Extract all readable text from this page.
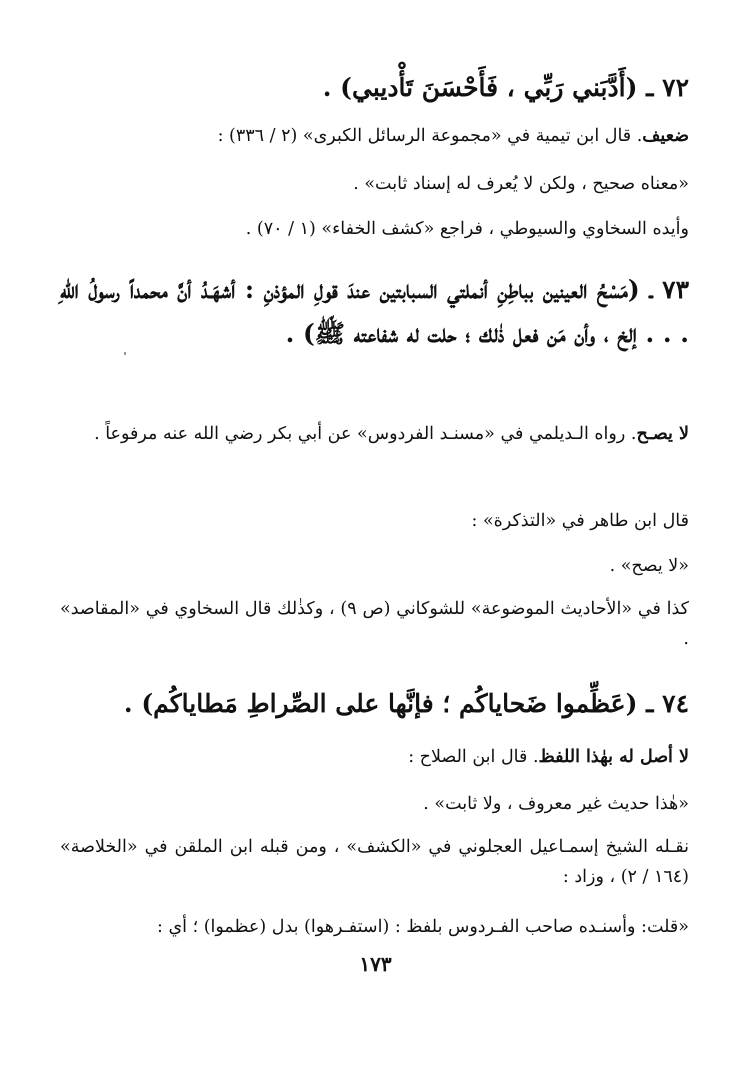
٧٢ ـ (أَدَّبَني رَبِّي ، فَأَحْسَنَ تَأْديبي) .
ضعيف. قال ابن تيمية في «مجموعة الرسائل الكبرى» (٢ / ٣٣٦) :
«معناه صحيح ، ولكن لا يُعرف له إسناد ثابت» .
وأيده السخاوي والسيوطي ، فراجع «كشف الخفاء» (١ / ٧٠) .
٧٣ ـ (مَسْحُ العينين بباطِنِ أنملتي السبابتين عندَ قولِ المؤذنِ : أشهَـدُ أنَّ محمداً رسولُ اللهِ . . . إلخ ، وأن مَن فعل ذٰلك ؛ حلت له شفاعته ﷺ) .
لا يصـح. رواه الـديلمي في «مسنـد الفردوس» عن أبي بكر رضي الله عنه مرفوعاً .
قال ابن طاهر في «التذكرة» :
«لا يصح» .
كذا في «الأحاديث الموضوعة» للشوكاني (ص ٩) ، وكذٰلك قال السخاوي في «المقاصد» .
٧٤ ـ (عَظِّموا ضَحاياكُم ؛ فإنَّها على الصِّراطِ مَطاياكُم) .
لا أصل له بهٰذا اللفظ. قال ابن الصلاح :
«هٰذا حديث غير معروف ، ولا ثابت» .
نقـله الشيخ إسمـاعيل العجلوني في «الكشف» ، ومن قبله ابن الملقن في «الخلاصة» (١٦٤ / ٢) ، وزاد :
«قلت: وأسنـده صاحب الفـردوس بلفظ : (استفـرهوا) بدل (عظموا) ؛ أي :
١٧٣
